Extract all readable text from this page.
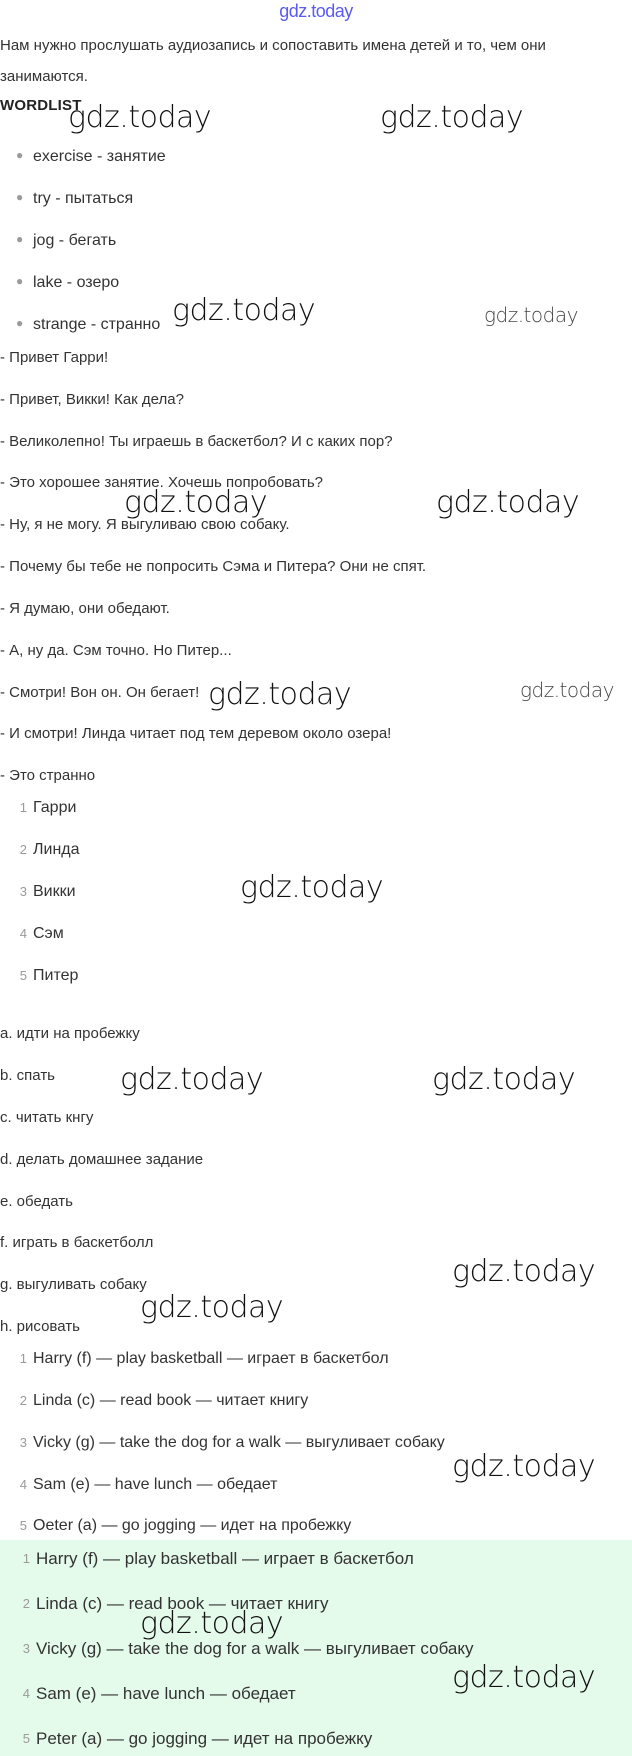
gdz.today
Нам нужно прослушать аудиозапись и сопоставить имена детей и то, чем они занимаются.
WORDLIST
● exercise - занятие
● try - пытаться
● jog - бегать
● lake - озеро
● strange - странно
- Привет Гарри!
- Привет, Викки! Как дела?
- Великолепно! Ты играешь в баскетбол? И с каких пор?
- Это хорошее занятие. Хочешь попробовать?
- Ну, я не могу. Я выгуливаю свою собаку.
- Почему бы тебе не попросить Сэма и Питера? Они не спят.
- Я думаю, они обедают.
- А, ну да. Сэм точно. Но Питер...
- Смотри! Вон он. Он бегает!
- И смотри! Линда читает под тем деревом около озера!
- Это странно
1 Гарри
2 Линда
3 Викки
4 Сэм
5 Питер
a. идти на пробежку
b. спать
c. читать кнгу
d. делать домашнее задание
e. обедать
f. играть в баскетболл
g. выгуливать собаку
h. рисовать
1 Harry (f) — play basketball — играет в баскетбол
2 Linda (c) — read book — читает книгу
3 Vicky (g) — take the dog for a walk — выгуливает собаку
4 Sam (e) — have lunch — обедает
5 Oeter (a) — go jogging — идет на пробежку
1 Harry (f) — play basketball — играет в баскетбол
2 Linda (c) — read book — читает книгу
3 Vicky (g) — take the dog for a walk — выгуливает собаку
4 Sam (e) — have lunch — обедает
5 Peter (a) — go jogging — идет на пробежку
gdz.today	gdz.today
gdz.today	gdz.today
gdz.today	gdz.today
gdz.today	gdz.today
gdz.today
gdz.today	gdz.today
gdz.today
gdz.today
gdz.today
gdz.today
gdz.today
